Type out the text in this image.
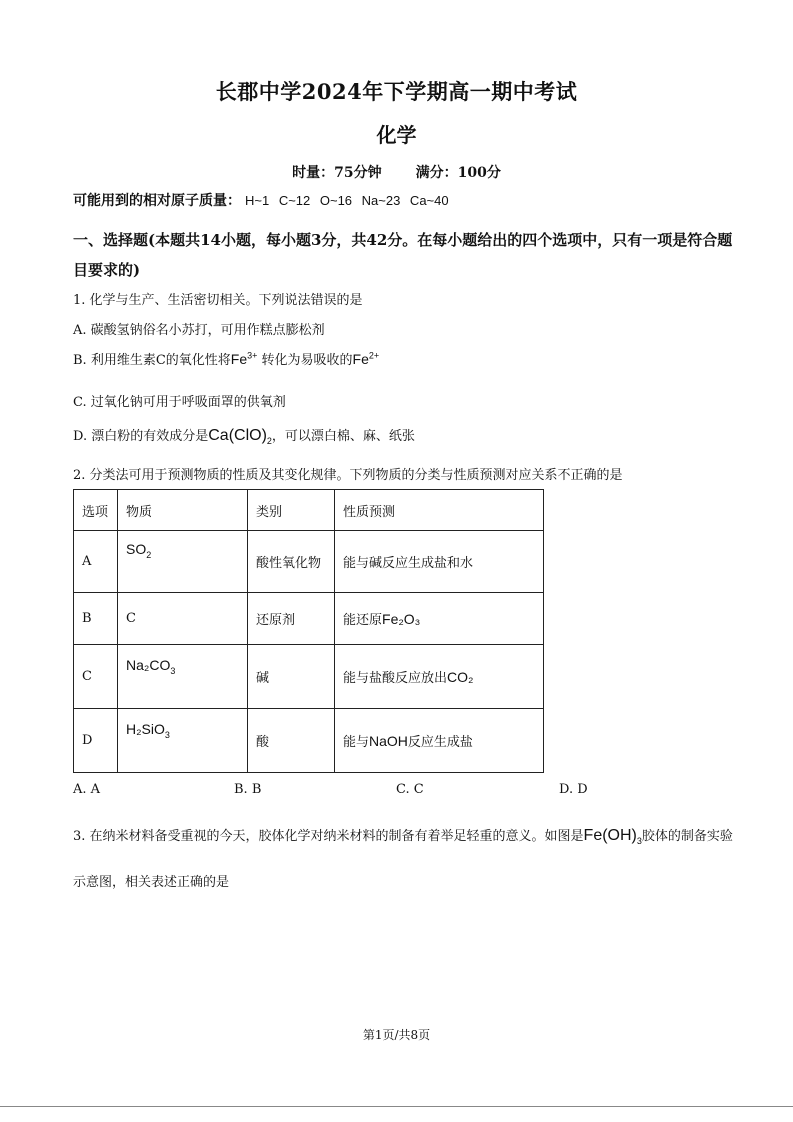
长郡中学2024年下学期高一期中考试
化学
时量：75分钟 满分：100分
可能用到的相对原子质量： H~1 C~12 O~16 Na~23 Ca~40
一、选择题(本题共14小题，每小题3分，共42分。在每小题给出的四个选项中，只有一项是符合题目要求的)
1. 化学与生产、生活密切相关。下列说法错误的是
A. 碳酸氢钠俗名小苏打，可用作糕点膨松剂
B. 利用维生素C的氧化性将$Fe^{3+}$ 转化为易吸收的$Fe^{2+}$
C. 过氧化钠可用于呼吸面罩的供氧剂
D. 漂白粉的有效成分是$Ca(ClO)_2$，可以漂白棉、麻、纸张
2. 分类法可用于预测物质的性质及其变化规律。下列物质的分类与性质预测对应关系不正确的是
选项	物质	类别	性质预测
A	$SO_2$	酸性氧化物	能与碱反应生成盐和水
B	C	还原剂	能还原Fe₂O₃
C	$Na_2CO_3$	碱	能与盐酸反应放出CO₂
D	H₂SiO$_3$	酸	能与NaOH反应生成盐
A. A	B. B	C. C	D. D
3. 在纳米材料备受重视的今天，胶体化学对纳米材料的制备有着举足轻重的意义。如图是$Fe(OH)_3$胶体的制备实验示意图，相关表述正确的是
第1页/共8页
